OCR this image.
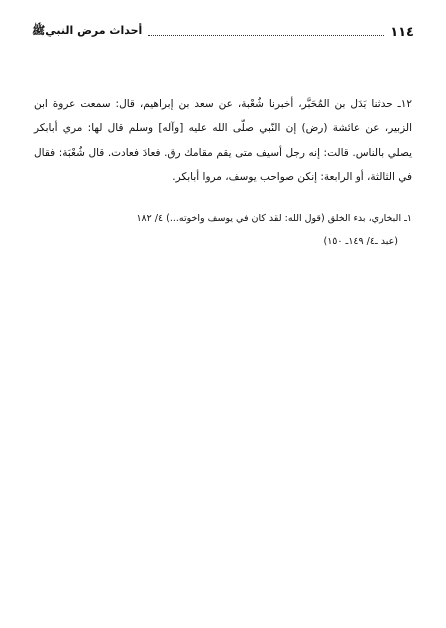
١١٤
أحداث مرض النبيﷺ

١٢ـ حدثنا بَدَل بن المُحَبَّر، أخبرنا شُعْبة، عن سعد بن إبراهيم، قال: سمعت عروة ابن الزبير، عن عائشة (رض) إن النّبي صلّى الله عليه [وآله] وسلم قال لها: مري أبابكر يصلي بالناس. قالت: إنه رجل أسيف متى يقم مقامك رق. فعادَ فعادت. قال شُعْبَة: فقال في الثالثة، أو الرابعة: إنكن صواحب يوسف، مروا أبابكر.

١ـ البخاري، بدء الخلق (قول الله: لقد كان في يوسف واخوته...) ٤/ ١٨٢
(عبد ـ٤/ ١٤٩ـ ١٥٠)
